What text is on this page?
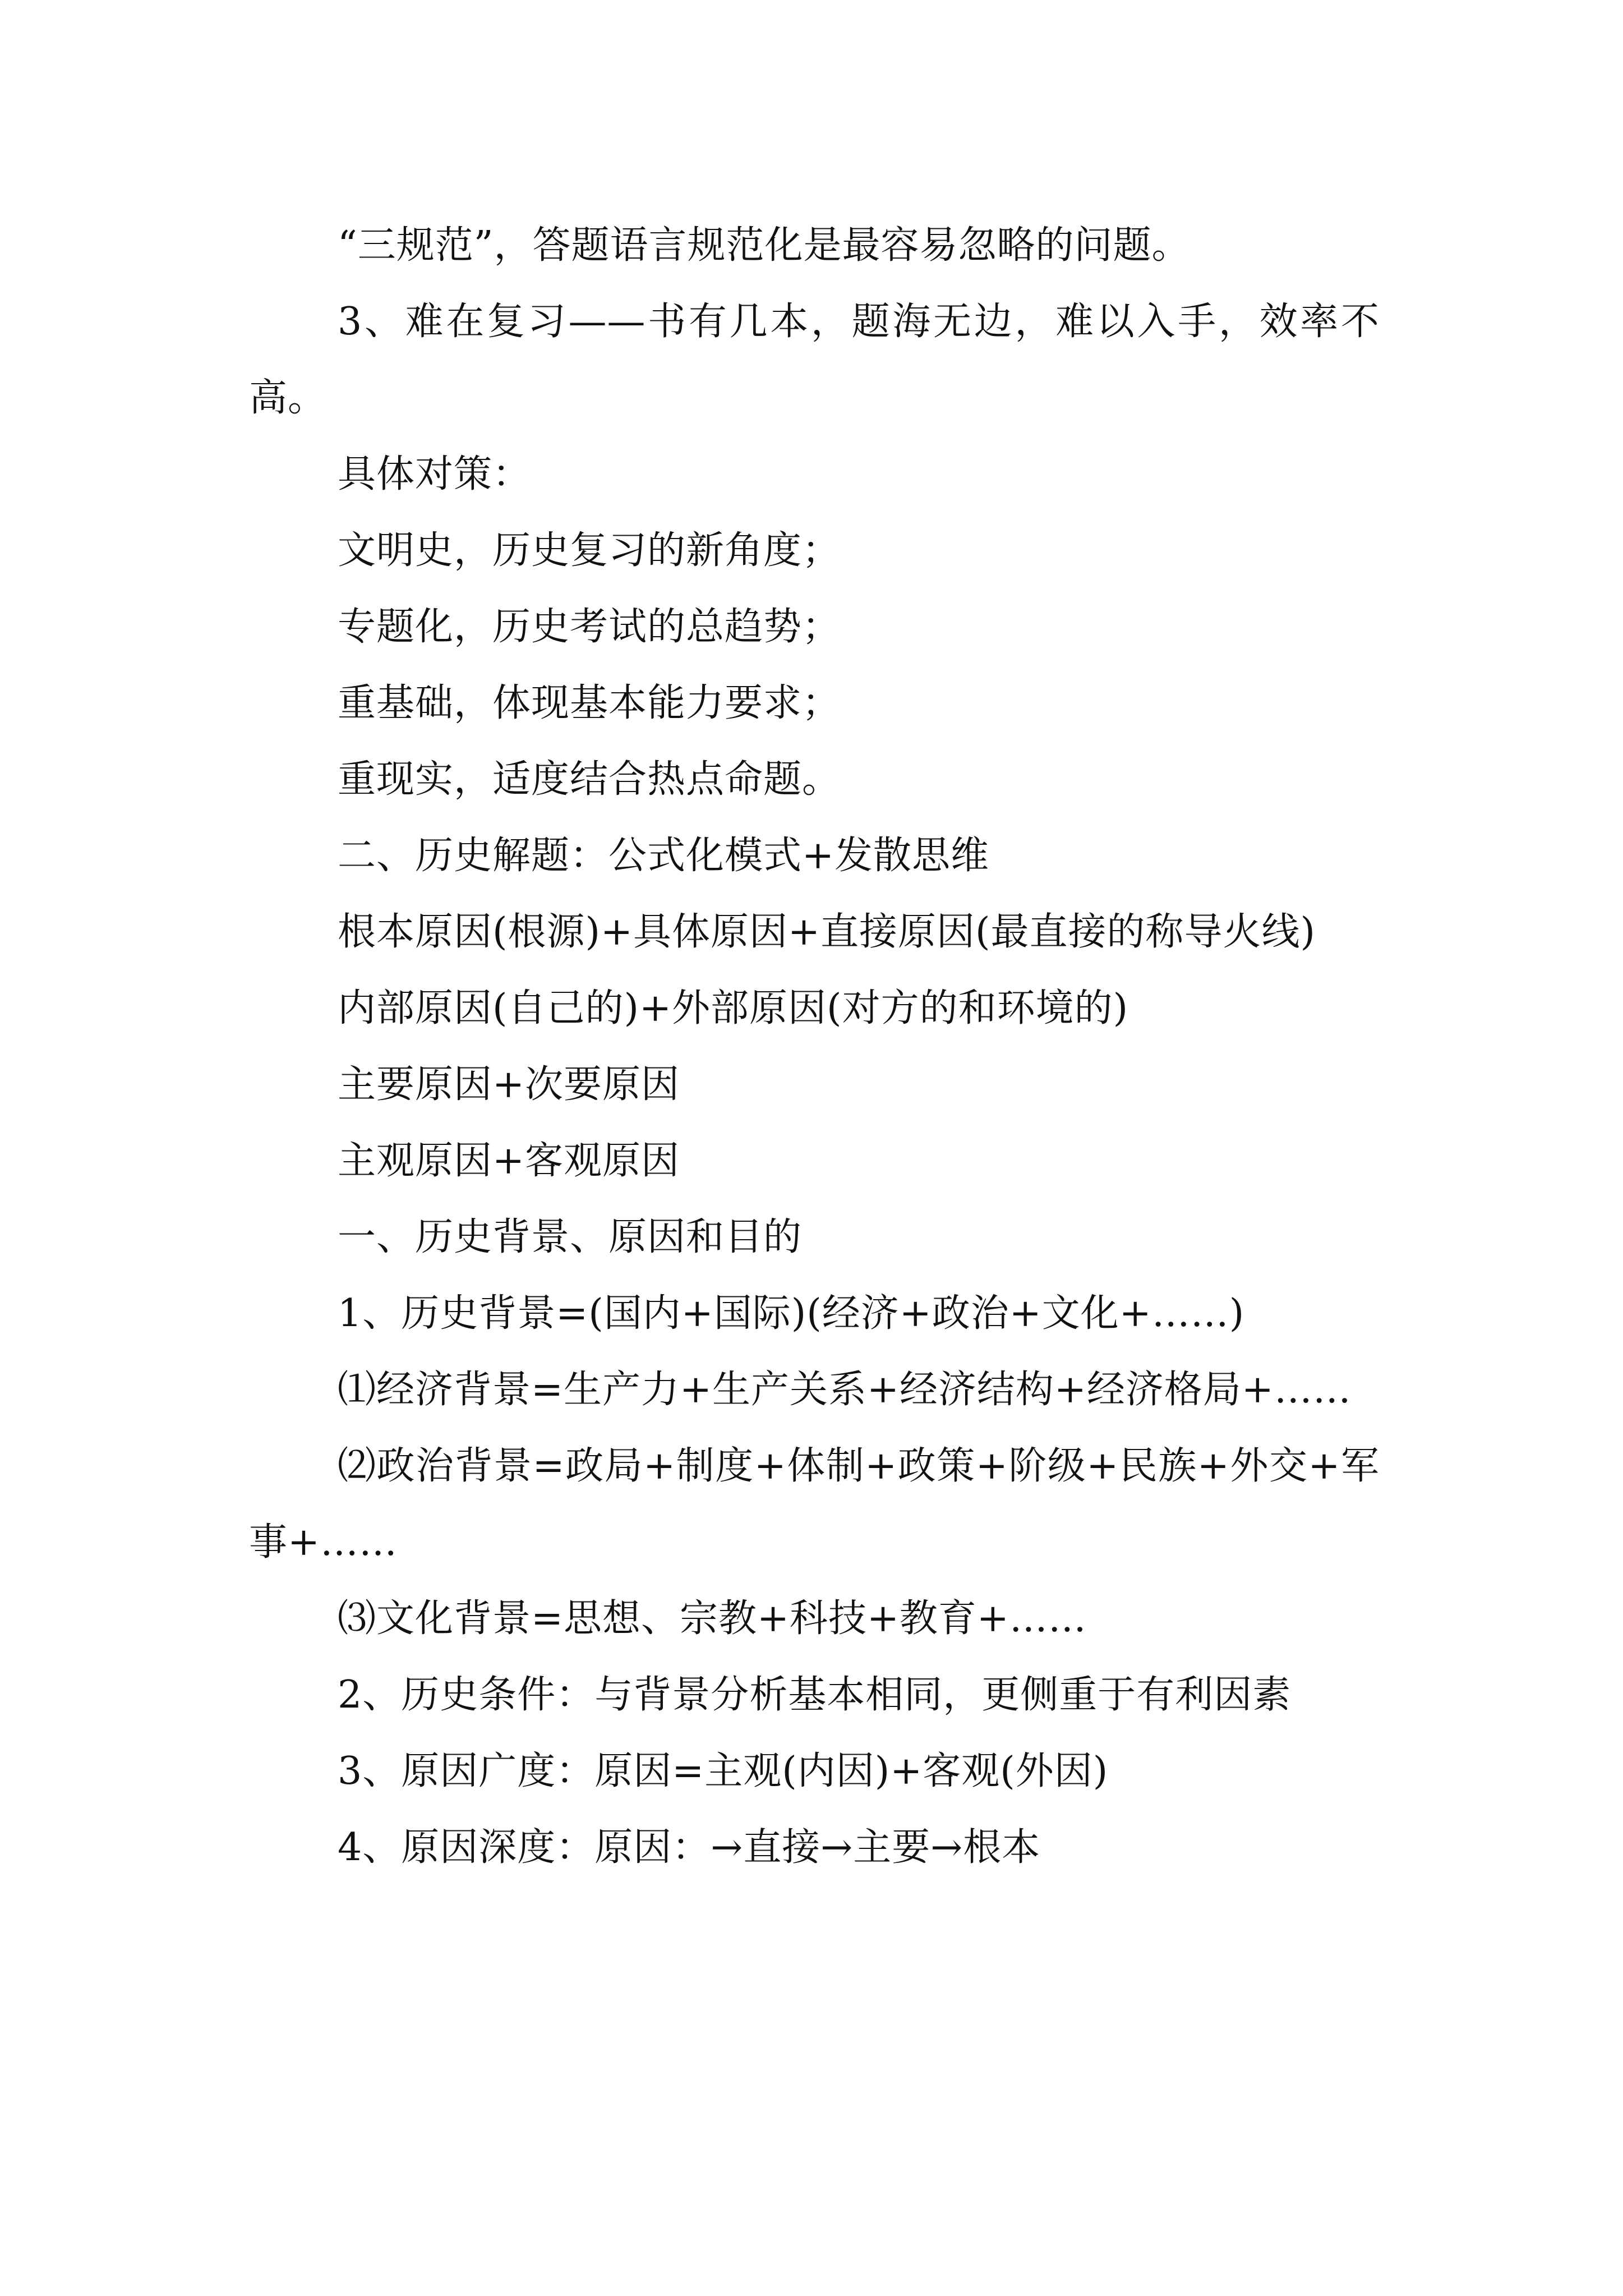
“三规范”，答题语言规范化是最容易忽略的问题。

3、难在复习——书有几本，题海无边，难以入手，效率不高。

具体对策：

文明史，历史复习的新角度；

专题化，历史考试的总趋势；

重基础，体现基本能力要求；

重现实，适度结合热点命题。

二、历史解题：公式化模式+发散思维

根本原因(根源)+具体原因+直接原因(最直接的称导火线)

内部原因(自己的)+外部原因(对方的和环境的)

主要原因+次要原因

主观原因+客观原因

一、历史背景、原因和目的

1、历史背景=(国内+国际)(经济+政治+文化+……)

⑴经济背景=生产力+生产关系+经济结构+经济格局+……

⑵政治背景=政局+制度+体制+政策+阶级+民族+外交+军事+……

⑶文化背景=思想、宗教+科技+教育+……

2、历史条件：与背景分析基本相同，更侧重于有利因素

3、原因广度：原因=主观(内因)+客观(外因)

4、原因深度：原因：→直接→主要→根本
